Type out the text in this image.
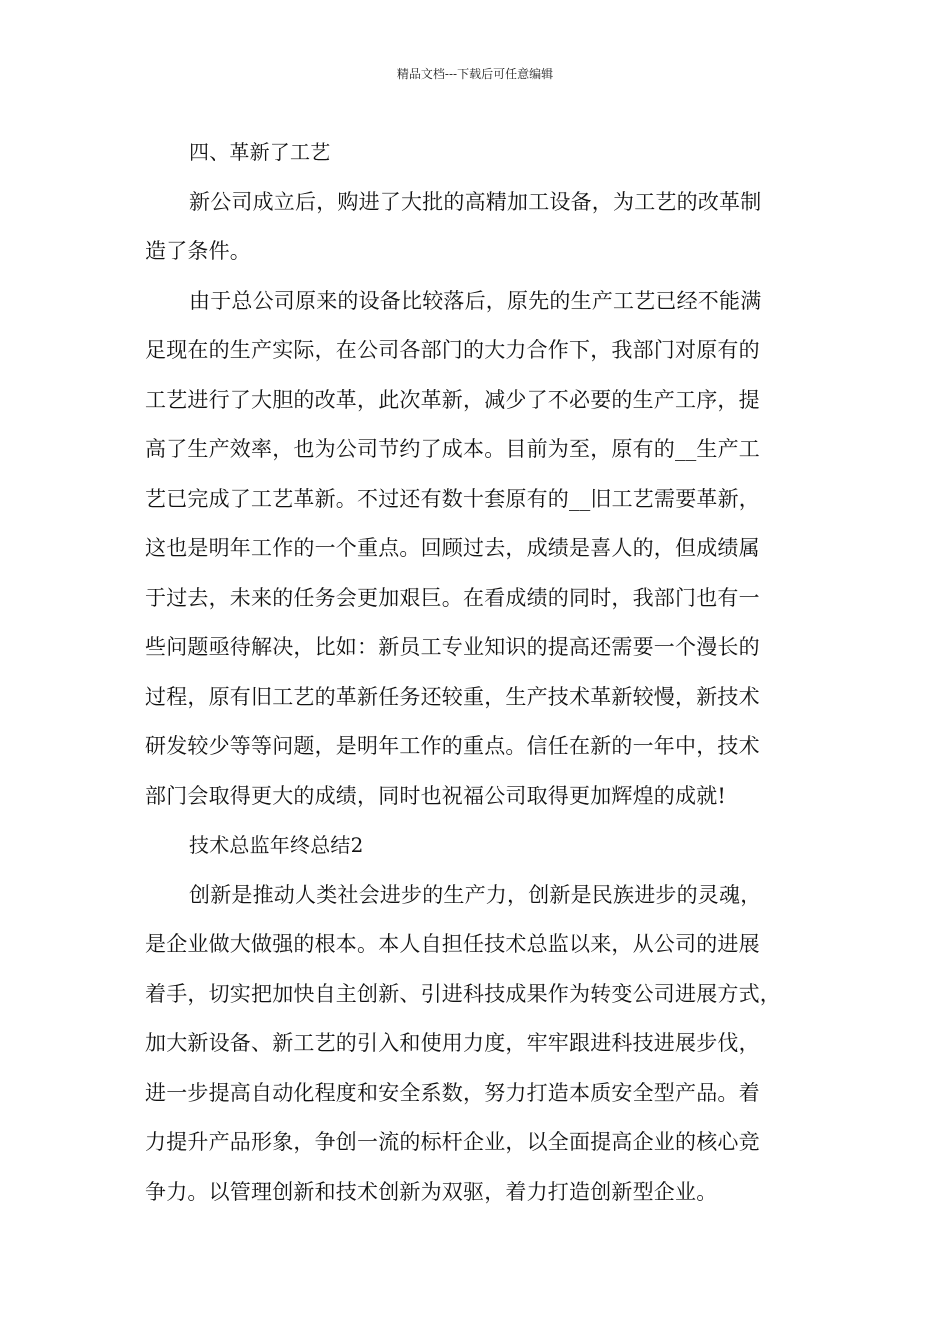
精品文档---下载后可任意编辑
四、革新了工艺
新公司成立后，购进了大批的高精加工设备，为工艺的改革制
造了条件。
由于总公司原来的设备比较落后，原先的生产工艺已经不能满
足现在的生产实际，在公司各部门的大力合作下，我部门对原有的
工艺进行了大胆的改革，此次革新，减少了不必要的生产工序，提
高了生产效率，也为公司节约了成本。目前为至，原有的__生产工
艺已完成了工艺革新。不过还有数十套原有的__旧工艺需要革新，
这也是明年工作的一个重点。回顾过去，成绩是喜人的，但成绩属
于过去，未来的任务会更加艰巨。在看成绩的同时，我部门也有一
些问题亟待解决，比如：新员工专业知识的提高还需要一个漫长的
过程，原有旧工艺的革新任务还较重，生产技术革新较慢，新技术
研发较少等等问题，是明年工作的重点。信任在新的一年中，技术
部门会取得更大的成绩，同时也祝福公司取得更加辉煌的成就!
技术总监年终总结2
创新是推动人类社会进步的生产力，创新是民族进步的灵魂，
是企业做大做强的根本。本人自担任技术总监以来，从公司的进展
着手，切实把加快自主创新、引进科技成果作为转变公司进展方式，
加大新设备、新工艺的引入和使用力度，牢牢跟进科技进展步伐，
进一步提高自动化程度和安全系数，努力打造本质安全型产品。着
力提升产品形象，争创一流的标杆企业，以全面提高企业的核心竞
争力。以管理创新和技术创新为双驱，着力打造创新型企业。
